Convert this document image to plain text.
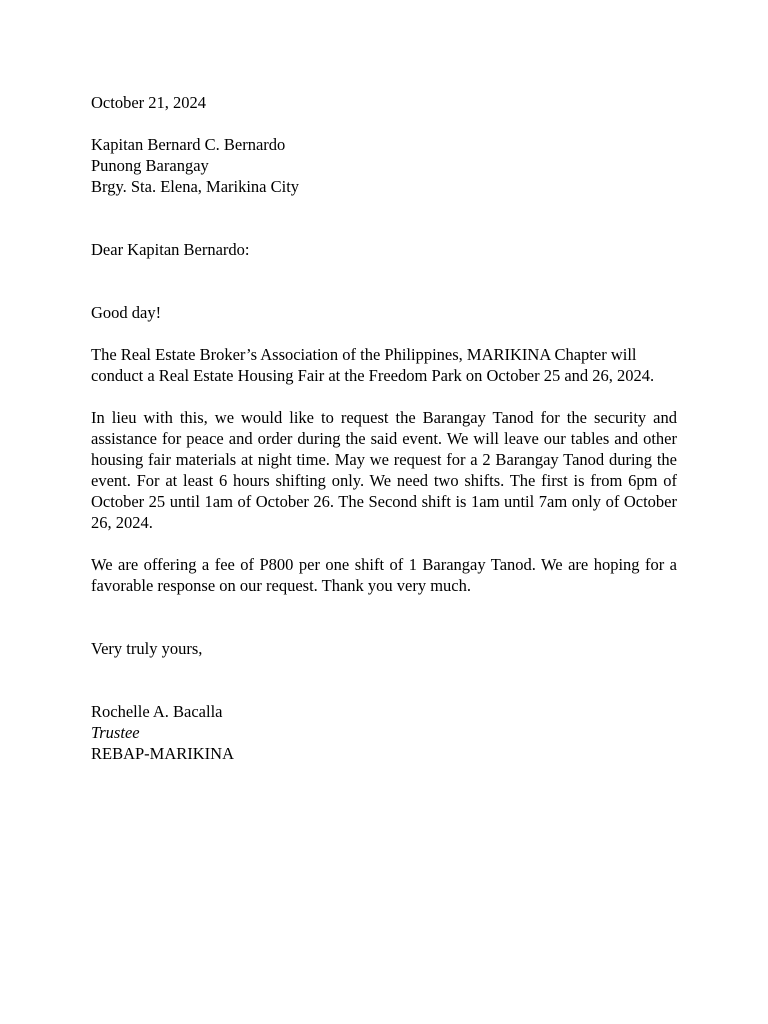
October 21, 2024
Kapitan Bernard C. Bernardo
Punong Barangay
Brgy. Sta. Elena, Marikina City
Dear Kapitan Bernardo:
Good day!

The Real Estate Broker’s Association of the Philippines, MARIKINA Chapter will conduct a Real Estate Housing Fair at the Freedom Park on October 25 and 26, 2024.

In lieu with this, we would like to request the Barangay Tanod for the security and assistance for peace and order during the said event. We will leave our tables and other housing fair materials at night time. May we request for a 2 Barangay Tanod during the event. For at least 6 hours shifting only. We need two shifts. The first is from 6pm of October 25 until 1am of October 26. The Second shift is 1am until 7am only of October 26, 2024.

We are offering a fee of P800 per one shift of 1 Barangay Tanod. We are hoping for a favorable response on our request. Thank you very much.

Very truly yours,
Rochelle A. Bacalla
Trustee
REBAP-MARIKINA
